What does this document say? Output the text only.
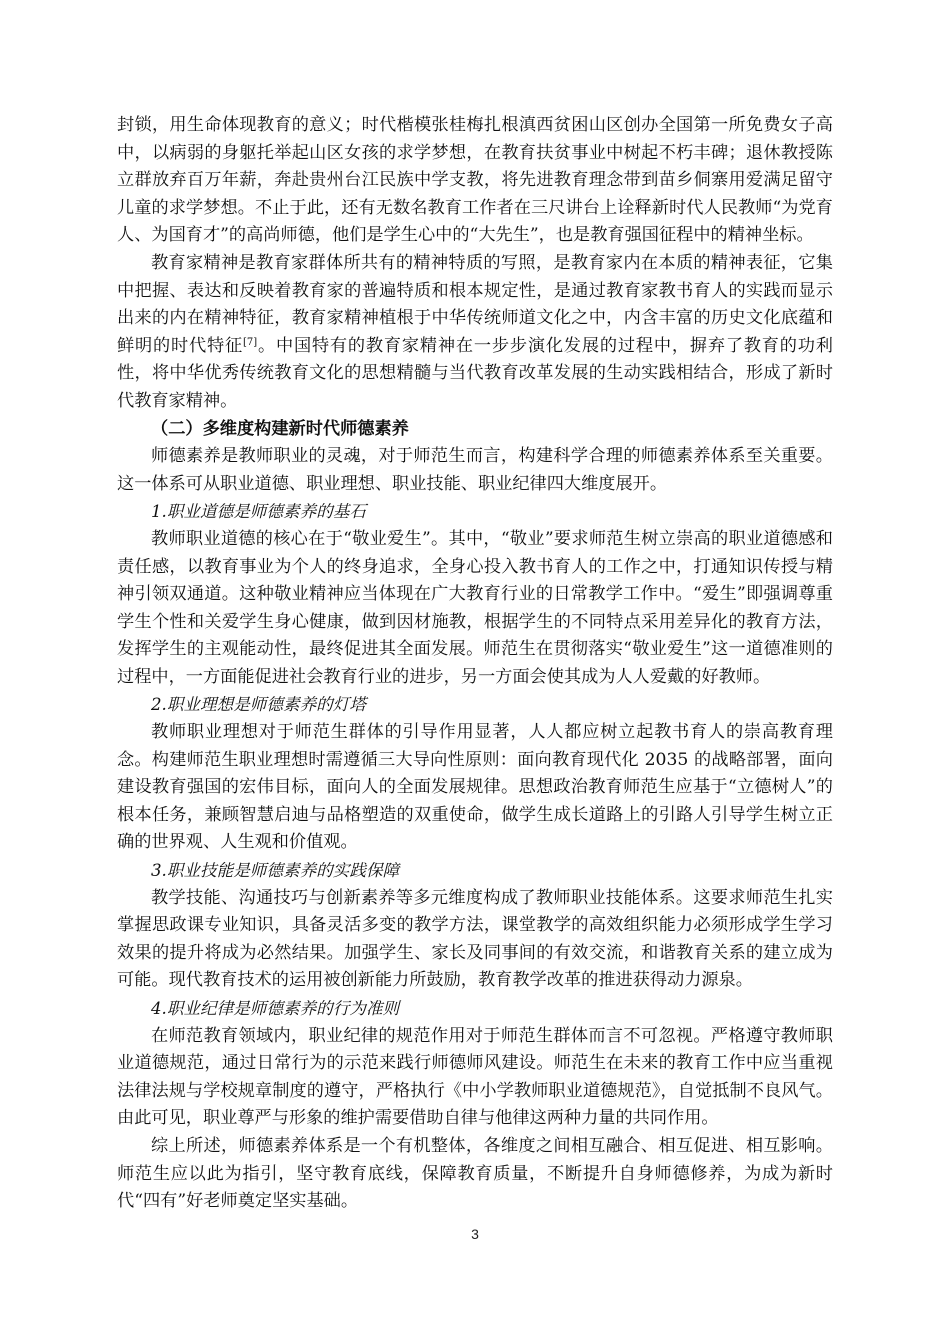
封锁，用生命体现教育的意义；时代楷模张桂梅扎根滇西贫困山区创办全国第一所免费女子高中，以病弱的身躯托举起山区女孩的求学梦想，在教育扶贫事业中树起不朽丰碑；退休教授陈立群放弃百万年薪，奔赴贵州台江民族中学支教，将先进教育理念带到苗乡侗寨用爱满足留守儿童的求学梦想。不止于此，还有无数名教育工作者在三尺讲台上诠释新时代人民教师“为党育人、为国育才”的高尚师德，他们是学生心中的“大先生”，也是教育强国征程中的精神坐标。

教育家精神是教育家群体所共有的精神特质的写照，是教育家内在本质的精神表征，它集中把握、表达和反映着教育家的普遍特质和根本规定性，是通过教育家教书育人的实践而显示出来的内在精神特征，教育家精神植根于中华传统师道文化之中，内含丰富的历史文化底蕴和鲜明的时代特征[7]。中国特有的教育家精神在一步步演化发展的过程中，摒弃了教育的功利性，将中华优秀传统教育文化的思想精髓与当代教育改革发展的生动实践相结合，形成了新时代教育家精神。

（二）多维度构建新时代师德素养

师德素养是教师职业的灵魂，对于师范生而言，构建科学合理的师德素养体系至关重要。这一体系可从职业道德、职业理想、职业技能、职业纪律四大维度展开。

1.职业道德是师德素养的基石

教师职业道德的核心在于“敬业爱生”。其中，“敬业”要求师范生树立崇高的职业道德感和责任感，以教育事业为个人的终身追求，全身心投入教书育人的工作之中，打通知识传授与精神引领双通道。这种敬业精神应当体现在广大教育行业的日常教学工作中。“爱生”即强调尊重学生个性和关爱学生身心健康，做到因材施教，根据学生的不同特点采用差异化的教育方法，发挥学生的主观能动性，最终促进其全面发展。师范生在贯彻落实“敬业爱生”这一道德准则的过程中，一方面能促进社会教育行业的进步，另一方面会使其成为人人爱戴的好教师。

2.职业理想是师德素养的灯塔

教师职业理想对于师范生群体的引导作用显著，人人都应树立起教书育人的崇高教育理念。构建师范生职业理想时需遵循三大导向性原则：面向教育现代化 2035 的战略部署，面向建设教育强国的宏伟目标，面向人的全面发展规律。思想政治教育师范生应基于“立德树人”的根本任务，兼顾智慧启迪与品格塑造的双重使命，做学生成长道路上的引路人引导学生树立正确的世界观、人生观和价值观。

3.职业技能是师德素养的实践保障

教学技能、沟通技巧与创新素养等多元维度构成了教师职业技能体系。这要求师范生扎实掌握思政课专业知识，具备灵活多变的教学方法，课堂教学的高效组织能力必须形成学生学习效果的提升将成为必然结果。加强学生、家长及同事间的有效交流，和谐教育关系的建立成为可能。现代教育技术的运用被创新能力所鼓励，教育教学改革的推进获得动力源泉。

4.职业纪律是师德素养的行为准则

在师范教育领域内，职业纪律的规范作用对于师范生群体而言不可忽视。严格遵守教师职业道德规范，通过日常行为的示范来践行师德师风建设。师范生在未来的教育工作中应当重视法律法规与学校规章制度的遵守，严格执行《中小学教师职业道德规范》，自觉抵制不良风气。由此可见，职业尊严与形象的维护需要借助自律与他律这两种力量的共同作用。

综上所述，师德素养体系是一个有机整体，各维度之间相互融合、相互促进、相互影响。师范生应以此为指引，坚守教育底线，保障教育质量，不断提升自身师德修养，为成为新时代“四有”好老师奠定坚实基础。

3
